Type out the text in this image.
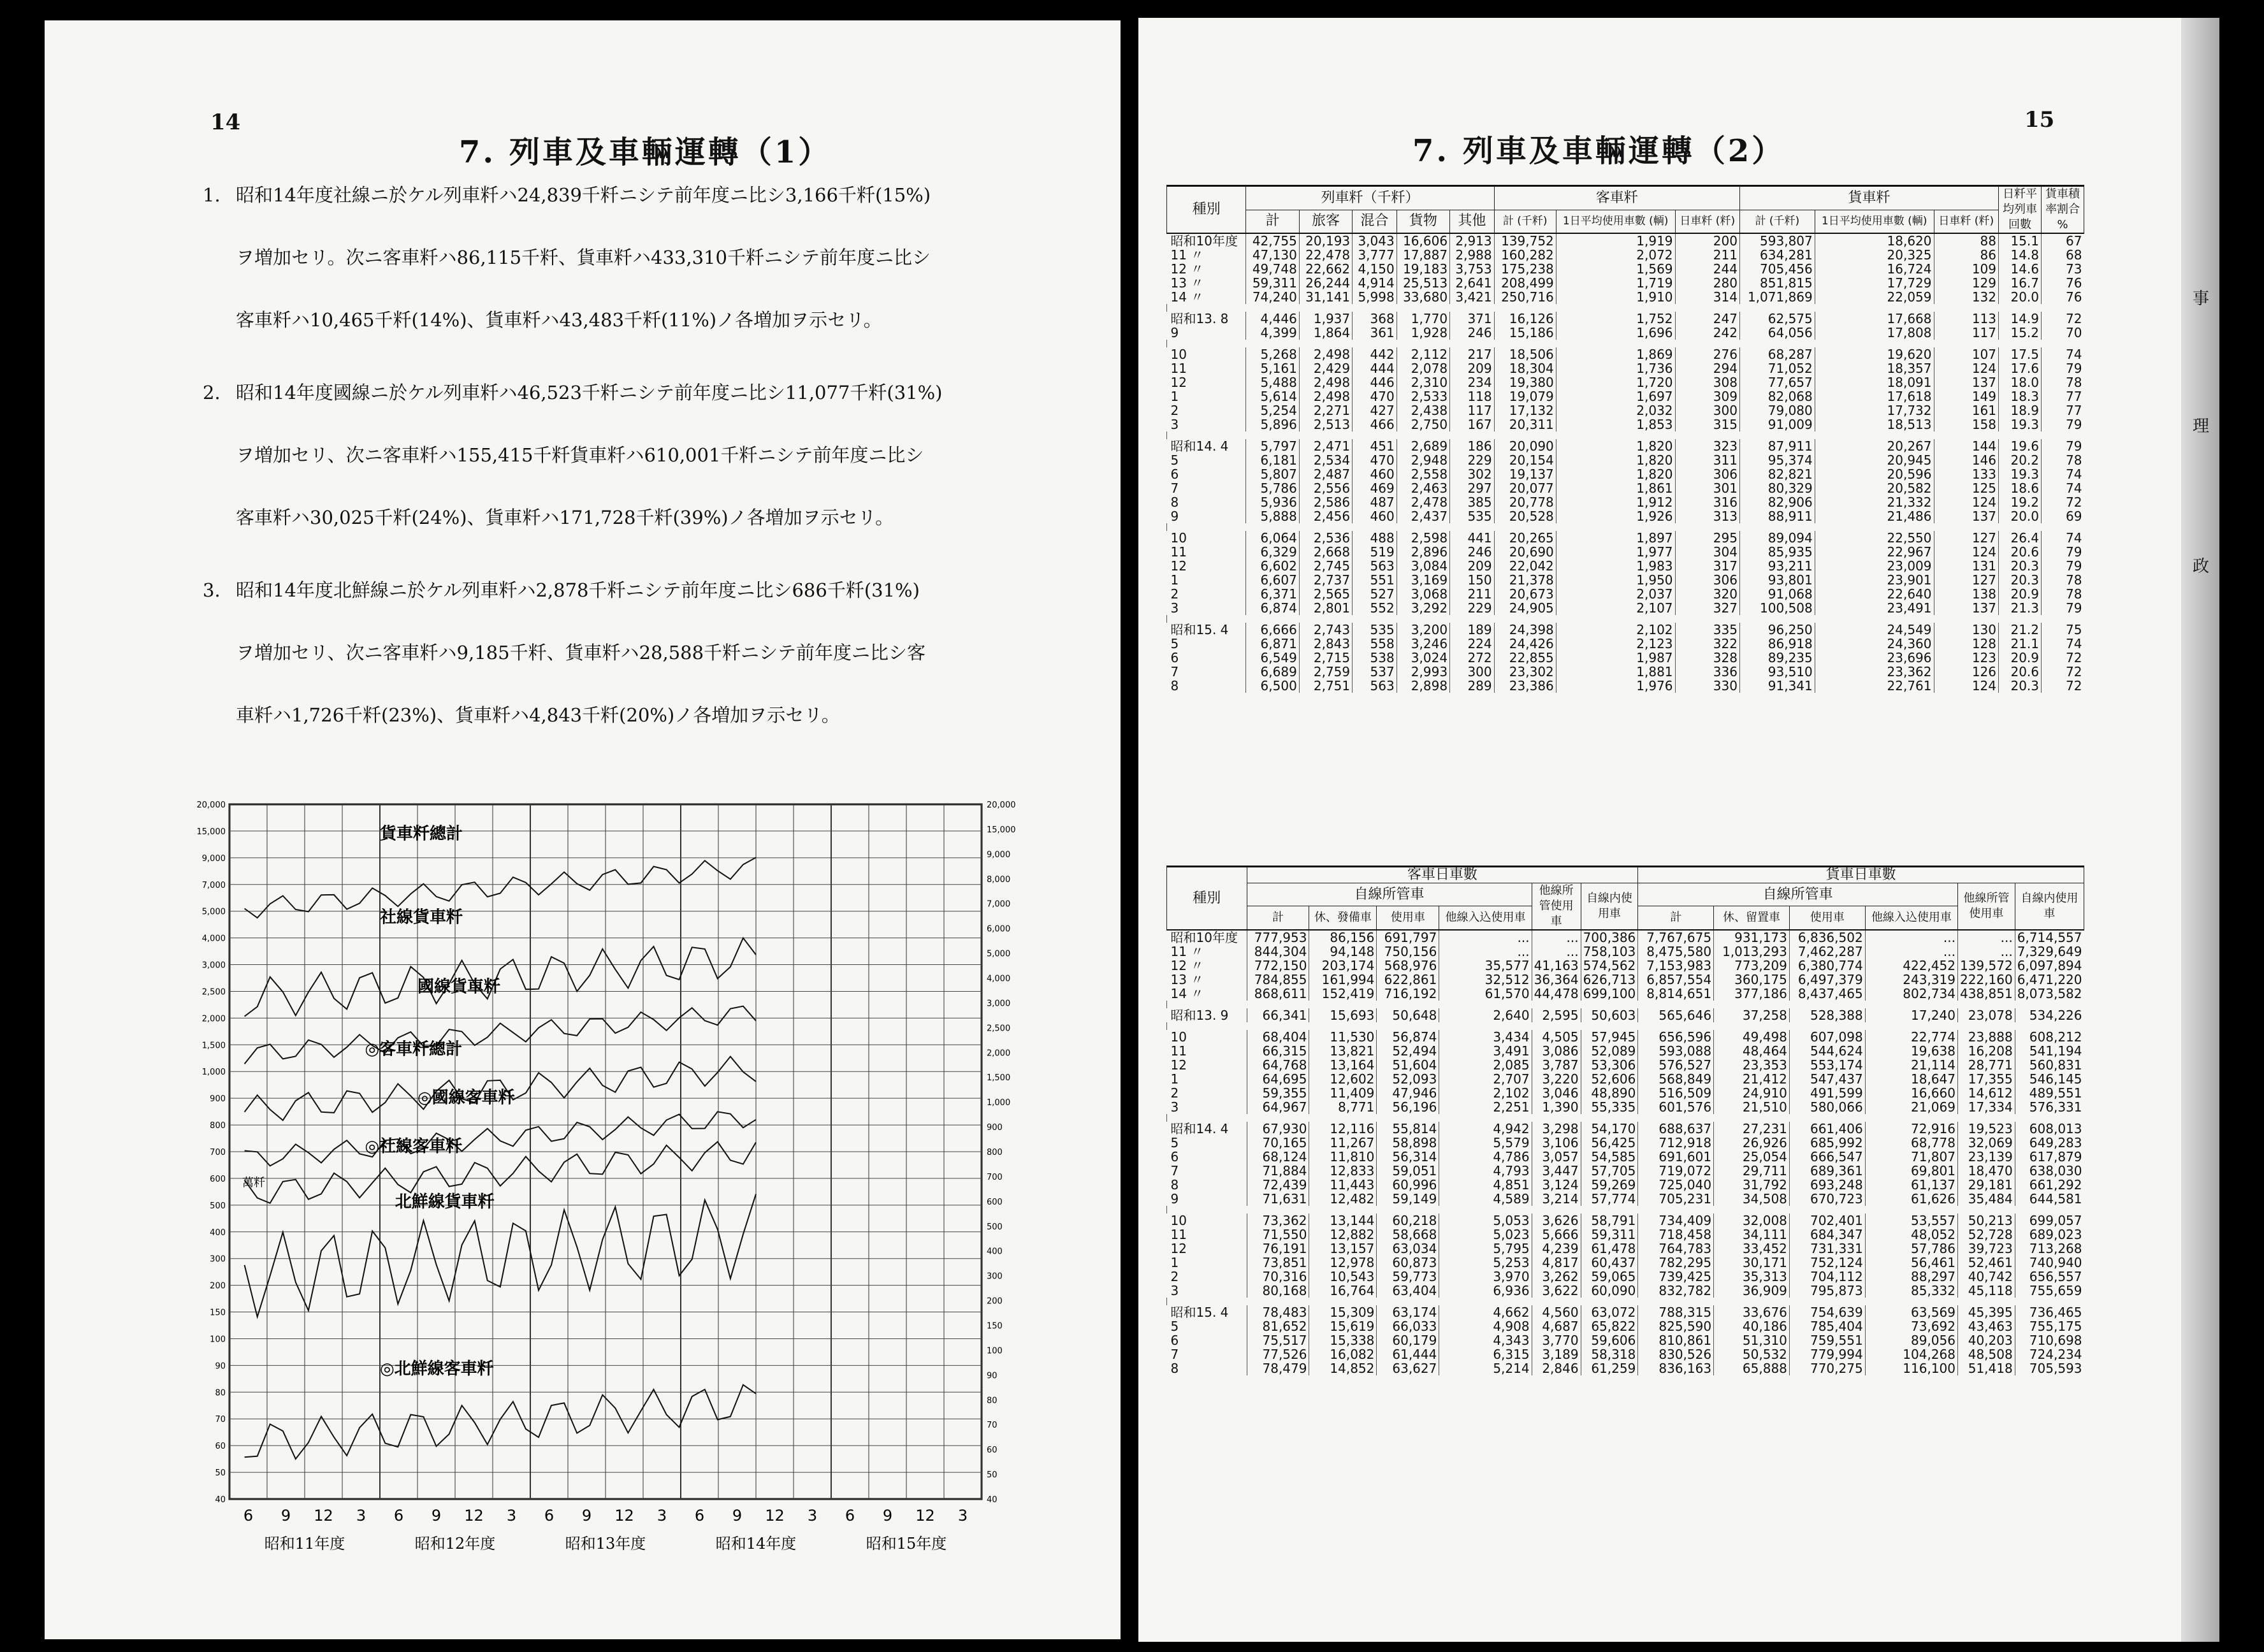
14
7. 列車及車輛運轉（1）
1. 昭和14年度社線ニ於ケル列車粁ハ24,839千粁ニシテ前年度ニ比シ3,166千粁(15%)
ヲ増加セリ。次ニ客車粁ハ86,115千粁、貨車粁ハ433,310千粁ニシテ前年度ニ比シ
客車粁ハ10,465千粁(14%)、貨車粁ハ43,483千粁(11%)ノ各増加ヲ示セリ。
2. 昭和14年度國線ニ於ケル列車粁ハ46,523千粁ニシテ前年度ニ比シ11,077千粁(31%)
ヲ増加セリ、次ニ客車粁ハ155,415千粁貨車粁ハ610,001千粁ニシテ前年度ニ比シ
客車粁ハ30,025千粁(24%)、貨車粁ハ171,728千粁(39%)ノ各増加ヲ示セリ。
3. 昭和14年度北鮮線ニ於ケル列車粁ハ2,878千粁ニシテ前年度ニ比シ686千粁(31%)
ヲ増加セリ、次ニ客車粁ハ9,185千粁、貨車粁ハ28,588千粁ニシテ前年度ニ比シ客
車粁ハ1,726千粁(23%)、貨車粁ハ4,843千粁(20%)ノ各増加ヲ示セリ。
6 9 12 3 6 9 12 3 6 9 12 3 6 9 12 3 6 9 12 3
昭和11年度	昭和12年度	昭和13年度	昭和14年度	昭和15年度
20,000
15,000
9,000
7,000
5,000
4,000
3,000
2,500
2,000
1,500
1,000
900
800
700
600
500
400
300
200
150
100
90
80
70
60
50
40
20,000
15,000
9,000
8,000
7,000
6,000
5,000
4,000
3,000
2,500
2,000
1,500
1,000
900
800
700
600
500
400
300
200
150
100
90
80
70
60
50
40
萬粁
貨車粁總計
社線貨車粁
國線貨車粁
◎客車粁總計
◎國線客車粁
◎社線客車粁
北鮮線貨車粁
◎北鮮線客車粁
事
理
政
15
7. 列車及車輛運轉（2）
種別	列車粁（千粁）					客車粁			貨車粁			日粁平均列車回數	貨車積率割合 %
	計	旅客	混合	貨物	其他	計 (千粁)	1日平均使用車數 (輌)	日車粁 (粁)	計 (千粁)	1日平均使用車數 (輌)	日車粁 (粁)		
昭和10年度	42,755	20,193	3,043	16,606	2,913	139,752	1,919	200	593,807	18,620	88	15.1	67
11 〃	47,130	22,478	3,777	17,887	2,988	160,282	2,072	211	634,281	20,325	86	14.8	68
12 〃	49,748	22,662	4,150	19,183	3,753	175,238	1,569	244	705,456	16,724	109	14.6	73
13 〃	59,311	26,244	4,914	25,513	2,641	208,499	1,719	280	851,815	17,729	129	16.7	76
14 〃	74,240	31,141	5,998	33,680	3,421	250,716	1,910	314	1,071,869	22,059	132	20.0	76

昭和13. 8	4,446	1,937	368	1,770	371	16,126	1,752	247	62,575	17,668	113	14.9	72
9	4,399	1,864	361	1,928	246	15,186	1,696	242	64,056	17,808	117	15.2	70

10	5,268	2,498	442	2,112	217	18,506	1,869	276	68,287	19,620	107	17.5	74
11	5,161	2,429	444	2,078	209	18,304	1,736	294	71,052	18,357	124	17.6	79
12	5,488	2,498	446	2,310	234	19,380	1,720	308	77,657	18,091	137	18.0	78
1	5,614	2,498	470	2,533	118	19,079	1,697	309	82,068	17,618	149	18.3	77
2	5,254	2,271	427	2,438	117	17,132	2,032	300	79,080	17,732	161	18.9	77
3	5,896	2,513	466	2,750	167	20,311	1,853	315	91,009	18,513	158	19.3	79

昭和14. 4	5,797	2,471	451	2,689	186	20,090	1,820	323	87,911	20,267	144	19.6	79
5	6,181	2,534	470	2,948	229	20,154	1,820	311	95,374	20,945	146	20.2	78
6	5,807	2,487	460	2,558	302	19,137	1,820	306	82,821	20,596	133	19.3	74
7	5,786	2,556	469	2,463	297	20,077	1,861	301	80,329	20,582	125	18.6	74
8	5,936	2,586	487	2,478	385	20,778	1,912	316	82,906	21,332	124	19.2	72
9	5,888	2,456	460	2,437	535	20,528	1,926	313	88,911	21,486	137	20.0	69

10	6,064	2,536	488	2,598	441	20,265	1,897	295	89,094	22,550	127	26.4	74
11	6,329	2,668	519	2,896	246	20,690	1,977	304	85,935	22,967	124	20.6	79
12	6,602	2,745	563	3,084	209	22,042	1,983	317	93,211	23,009	131	20.3	79
1	6,607	2,737	551	3,169	150	21,378	1,950	306	93,801	23,901	127	20.3	78
2	6,371	2,565	527	3,068	211	20,673	2,037	320	91,068	22,640	138	20.9	78
3	6,874	2,801	552	3,292	229	24,905	2,107	327	100,508	23,491	137	21.3	79

昭和15. 4	6,666	2,743	535	3,200	189	24,398	2,102	335	96,250	24,549	130	21.2	75
5	6,871	2,843	558	3,246	224	24,426	2,123	322	86,918	24,360	128	21.1	74
6	6,549	2,715	538	3,024	272	22,855	1,987	328	89,235	23,696	123	20.9	72
7	6,689	2,759	537	2,993	300	23,302	1,881	336	93,510	23,362	126	20.6	72
8	6,500	2,751	563	2,898	289	23,386	1,976	330	91,341	22,761	124	20.3	72
種別	客車日車數						貨車日車數					
	自線所管車				他線所管使用車	自線内使用車	自線所管車				他線所管使用車	自線内使用車
	計	休、發備車	使用車	他線入込使用車			計	休、留置車	使用車	他線入込使用車		
昭和10年度	777,953	86,156	691,797	...	...	700,386	7,767,675	931,173	6,836,502	...	...	6,714,557
11 〃	844,304	94,148	750,156	...	...	758,103	8,475,580	1,013,293	7,462,287	...	...	7,329,649
12 〃	772,150	203,174	568,976	35,577	41,163	574,562	7,153,983	773,209	6,380,774	422,452	139,572	6,097,894
13 〃	784,855	161,994	622,861	32,512	36,364	626,713	6,857,554	360,175	6,497,379	243,319	222,160	6,471,220
14 〃	868,611	152,419	716,192	61,570	44,478	699,100	8,814,651	377,186	8,437,465	802,734	438,851	8,073,582

昭和13. 9	66,341	15,693	50,648	2,640	2,595	50,603	565,646	37,258	528,388	17,240	23,078	534,226

10	68,404	11,530	56,874	3,434	4,505	57,945	656,596	49,498	607,098	22,774	23,888	608,212
11	66,315	13,821	52,494	3,491	3,086	52,089	593,088	48,464	544,624	19,638	16,208	541,194
12	64,768	13,164	51,604	2,085	3,787	53,306	576,527	23,353	553,174	21,114	28,771	560,831
1	64,695	12,602	52,093	2,707	3,220	52,606	568,849	21,412	547,437	18,647	17,355	546,145
2	59,355	11,409	47,946	2,102	3,046	48,890	516,509	24,910	491,599	16,660	14,612	489,551
3	64,967	8,771	56,196	2,251	1,390	55,335	601,576	21,510	580,066	21,069	17,334	576,331

昭和14. 4	67,930	12,116	55,814	4,942	3,298	54,170	688,637	27,231	661,406	72,916	19,523	608,013
5	70,165	11,267	58,898	5,579	3,106	56,425	712,918	26,926	685,992	68,778	32,069	649,283
6	68,124	11,810	56,314	4,786	3,057	54,585	691,601	25,054	666,547	71,807	23,139	617,879
7	71,884	12,833	59,051	4,793	3,447	57,705	719,072	29,711	689,361	69,801	18,470	638,030
8	72,439	11,443	60,996	4,851	3,124	59,269	725,040	31,792	693,248	61,137	29,181	661,292
9	71,631	12,482	59,149	4,589	3,214	57,774	705,231	34,508	670,723	61,626	35,484	644,581

10	73,362	13,144	60,218	5,053	3,626	58,791	734,409	32,008	702,401	53,557	50,213	699,057
11	71,550	12,882	58,668	5,023	5,666	59,311	718,458	34,111	684,347	48,052	52,728	689,023
12	76,191	13,157	63,034	5,795	4,239	61,478	764,783	33,452	731,331	57,786	39,723	713,268
1	73,851	12,978	60,873	5,253	4,817	60,437	782,295	30,171	752,124	56,461	52,461	740,940
2	70,316	10,543	59,773	3,970	3,262	59,065	739,425	35,313	704,112	88,297	40,742	656,557
3	80,168	16,764	63,404	6,936	3,622	60,090	832,782	36,909	795,873	85,332	45,118	755,659

昭和15. 4	78,483	15,309	63,174	4,662	4,560	63,072	788,315	33,676	754,639	63,569	45,395	736,465
5	81,652	15,619	66,033	4,908	4,687	65,822	825,590	40,186	785,404	73,692	43,463	755,175
6	75,517	15,338	60,179	4,343	3,770	59,606	810,861	51,310	759,551	89,056	40,203	710,698
7	77,526	16,082	61,444	6,315	3,189	58,318	830,526	50,532	779,994	104,268	48,508	724,234
8	78,479	14,852	63,627	5,214	2,846	61,259	836,163	65,888	770,275	116,100	51,418	705,593
